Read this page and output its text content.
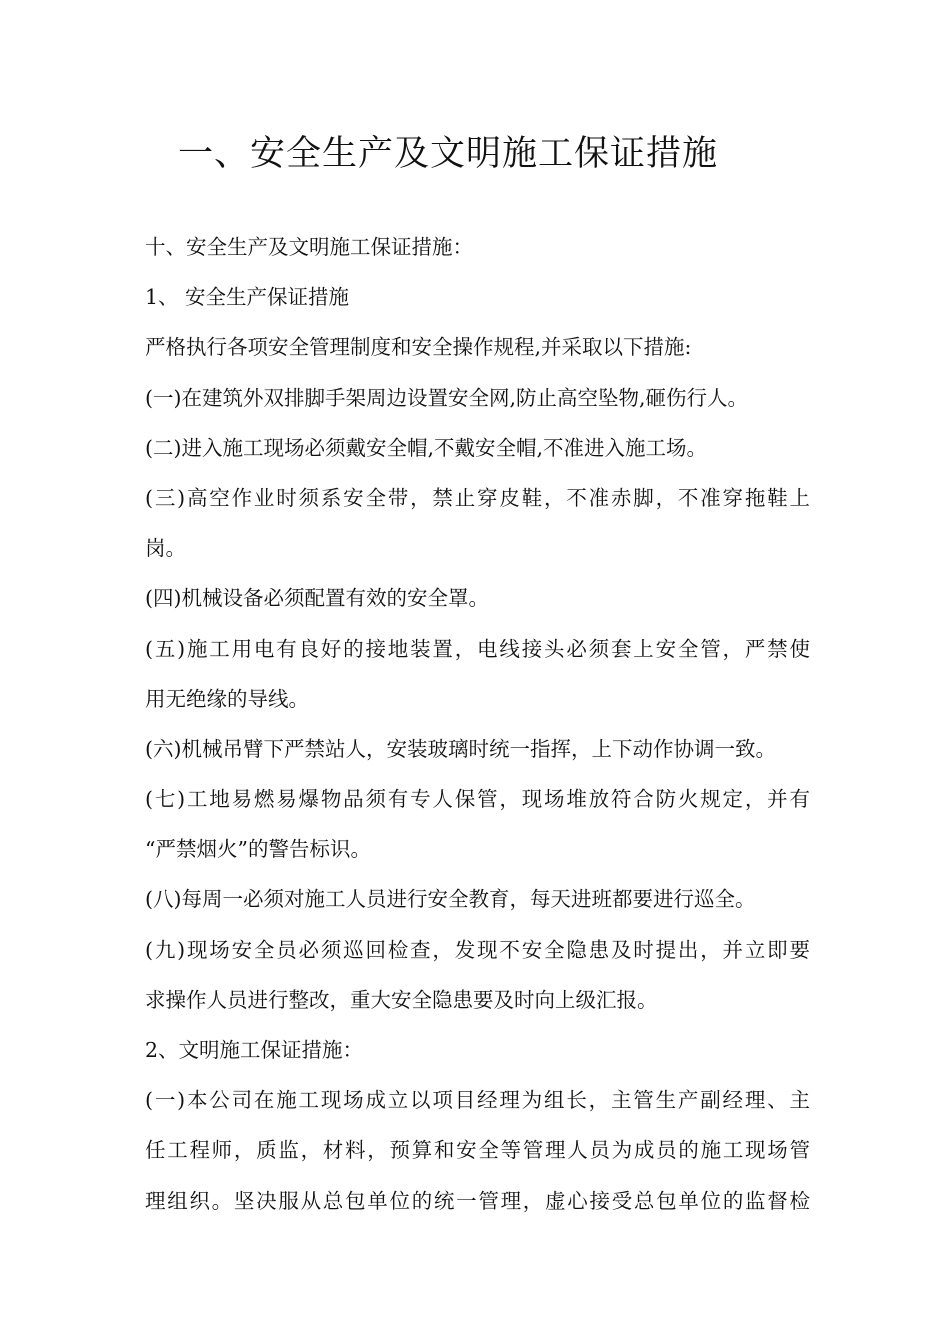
一、安全生产及文明施工保证措施
十、安全生产及文明施工保证措施：
1、 安全生产保证措施
严格执行各项安全管理制度和安全操作规程,并采取以下措施:
(一)在建筑外双排脚手架周边设置安全网,防止高空坠物,砸伤行人。
(二)进入施工现场必须戴安全帽,不戴安全帽,不准进入施工场。
(三)高空作业时须系安全带，禁止穿皮鞋，不准赤脚，不准穿拖鞋上
岗。
(四)机械设备必须配置有效的安全罩。
(五)施工用电有良好的接地装置，电线接头必须套上安全管，严禁使
用无绝缘的导线。
(六)机械吊臂下严禁站人，安装玻璃时统一指挥，上下动作协调一致。
(七)工地易燃易爆物品须有专人保管，现场堆放符合防火规定，并有
“严禁烟火”的警告标识。
(八)每周一必须对施工人员进行安全教育，每天进班都要进行巡全。
(九)现场安全员必须巡回检查，发现不安全隐患及时提出，并立即要
求操作人员进行整改，重大安全隐患要及时向上级汇报。
2、文明施工保证措施：
(一)本公司在施工现场成立以项目经理为组长，主管生产副经理、主
任工程师，质监，材料，预算和安全等管理人员为成员的施工现场管
理组织。坚决服从总包单位的统一管理，虚心接受总包单位的监督检
